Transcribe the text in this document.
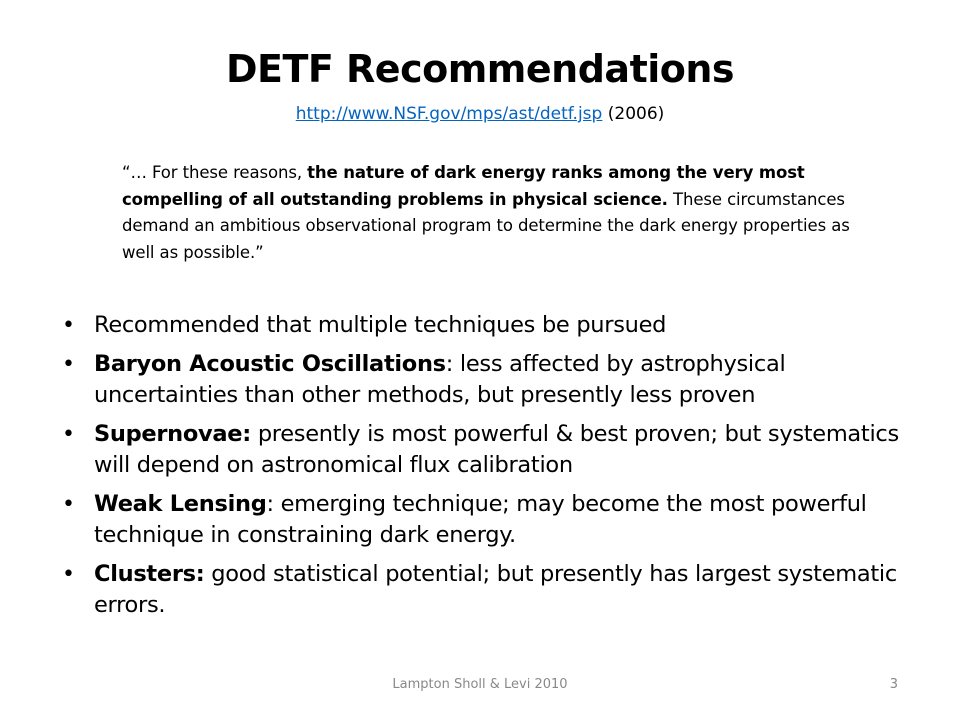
DETF Recommendations
http://www.NSF.gov/mps/ast/detf.jsp (2006)
“… For these reasons, the nature of dark energy ranks among the very most compelling of all outstanding problems in physical science. These circumstances demand an ambitious observational program to determine the dark energy properties as well as possible.”
• Recommended that multiple techniques be pursued
• Baryon Acoustic Oscillations: less affected by astrophysical uncertainties than other methods, but presently less proven
• Supernovae: presently is most powerful & best proven; but systematics will depend on astronomical flux calibration
• Weak Lensing: emerging technique; may become the most powerful technique in constraining dark energy.
• Clusters: good statistical potential; but presently has largest systematic errors.
Lampton Sholl & Levi 2010	3
